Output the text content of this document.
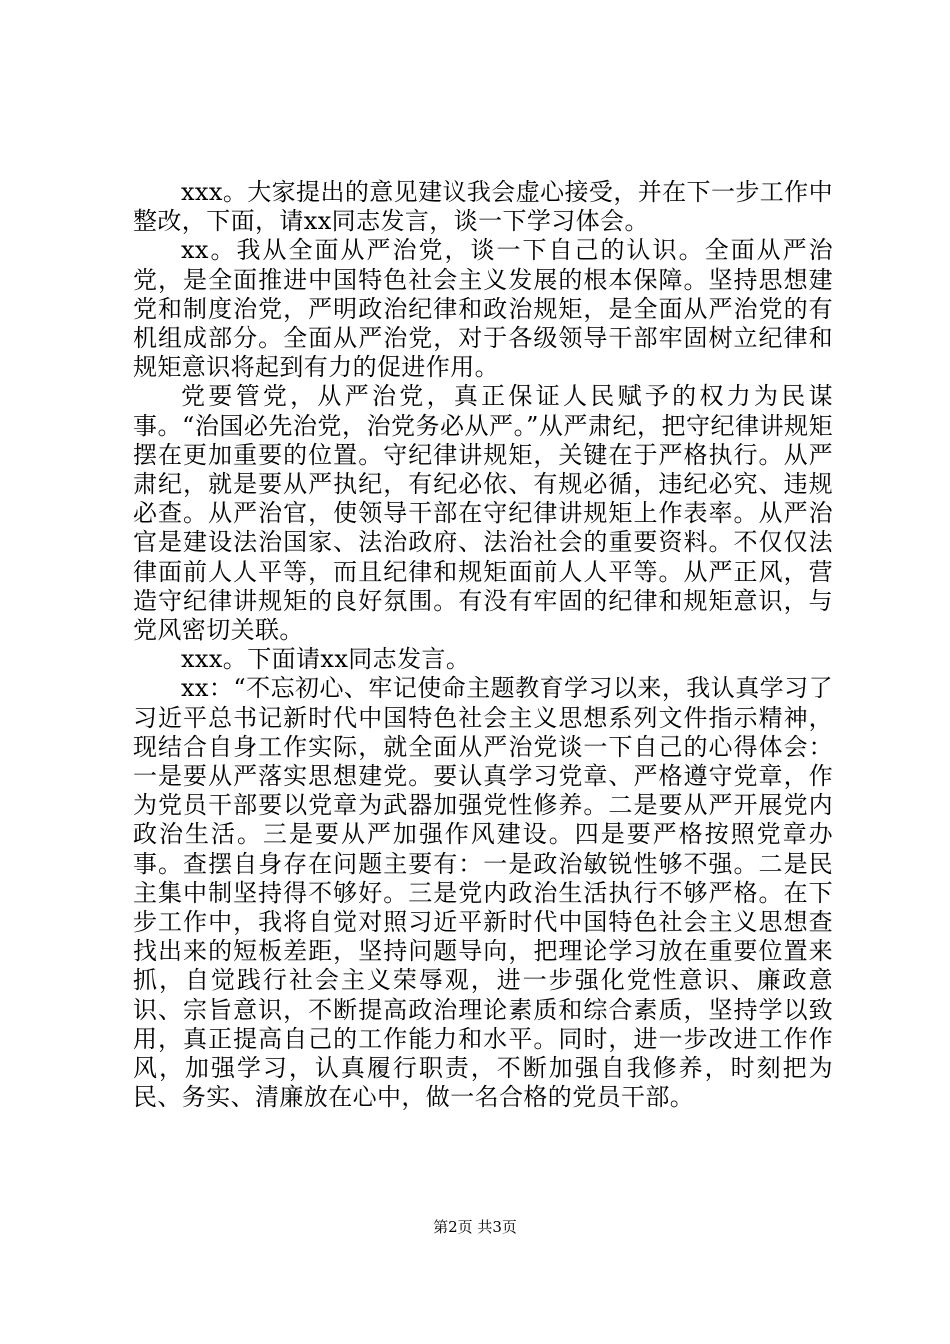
xxx。大家提出的意见建议我会虚心接受，并在下一步工作中整改，下面，请xx同志发言，谈一下学习体会。

xx。我从全面从严治党，谈一下自己的认识。全面从严治党，是全面推进中国特色社会主义发展的根本保障。坚持思想建党和制度治党，严明政治纪律和政治规矩，是全面从严治党的有机组成部分。全面从严治党，对于各级领导干部牢固树立纪律和规矩意识将起到有力的促进作用。

党要管党，从严治党，真正保证人民赋予的权力为民谋事。“治国必先治党，治党务必从严。”从严肃纪，把守纪律讲规矩摆在更加重要的位置。守纪律讲规矩，关键在于严格执行。从严肃纪，就是要从严执纪，有纪必依、有规必循，违纪必究、违规必查。从严治官，使领导干部在守纪律讲规矩上作表率。从严治官是建设法治国家、法治政府、法治社会的重要资料。不仅仅法律面前人人平等，而且纪律和规矩面前人人平等。从严正风，营造守纪律讲规矩的良好氛围。有没有牢固的纪律和规矩意识，与党风密切关联。

xxx。下面请xx同志发言。

xx：“不忘初心、牢记使命主题教育学习以来，我认真学习了习近平总书记新时代中国特色社会主义思想系列文件指示精神，现结合自身工作实际，就全面从严治党谈一下自己的心得体会：一是要从严落实思想建党。要认真学习党章、严格遵守党章，作为党员干部要以党章为武器加强党性修养。二是要从严开展党内政治生活。三是要从严加强作风建设。四是要严格按照党章办事。查摆自身存在问题主要有：一是政治敏锐性够不强。二是民主集中制坚持得不够好。三是党内政治生活执行不够严格。在下步工作中，我将自觉对照习近平新时代中国特色社会主义思想查找出来的短板差距，坚持问题导向，把理论学习放在重要位置来抓，自觉践行社会主义荣辱观，进一步强化党性意识、廉政意识、宗旨意识，不断提高政治理论素质和综合素质，坚持学以致用，真正提高自己的工作能力和水平。同时，进一步改进工作作风，加强学习，认真履行职责，不断加强自我修养，时刻把为民、务实、清廉放在心中，做一名合格的党员干部。

第2页 共3页
